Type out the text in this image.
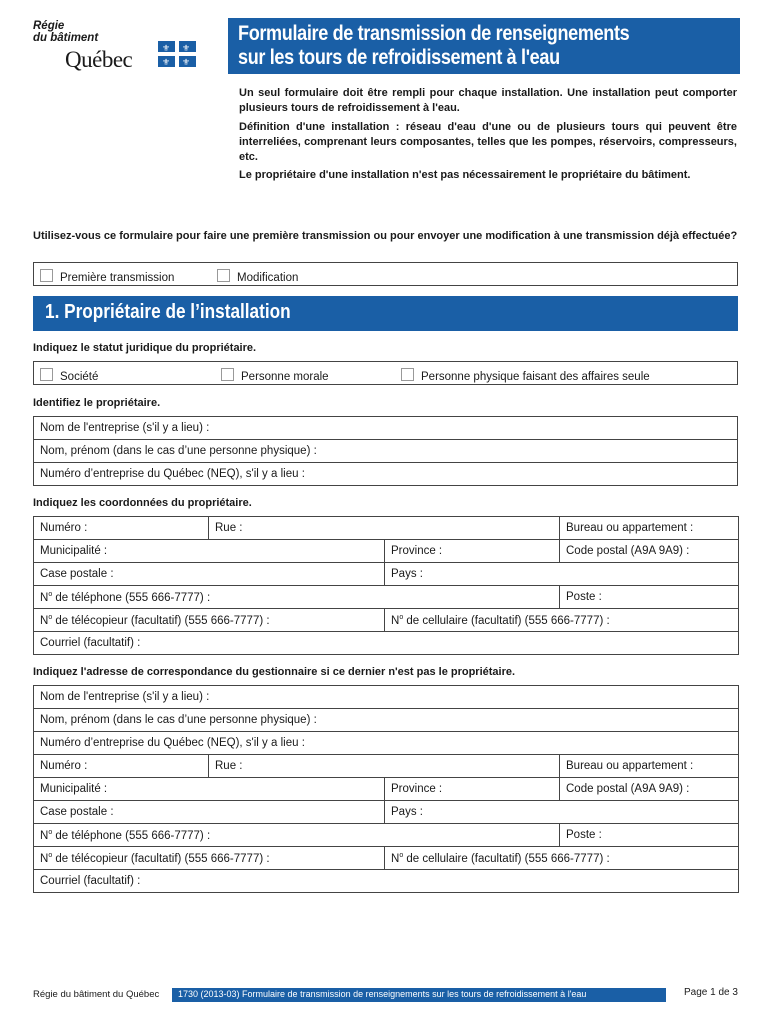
Régie
du bâtiment
Québec	⚜ ⚜
⚜ ⚜
Formulaire de transmission de renseignements
sur les tours de refroidissement à l'eau
Un seul formulaire doit être rempli pour chaque installation. Une installation peut comporter plusieurs tours de refroidissement à l'eau.
Définition d'une installation : réseau d'eau d'une ou de plusieurs tours qui peuvent être interreliées, comprenant leurs composantes, telles que les pompes, réservoirs, compresseurs, etc.
Le propriétaire d'une installation n'est pas nécessairement le propriétaire du bâtiment.
Utilisez-vous ce formulaire pour faire une première transmission ou pour envoyer une modification à une transmission déjà effectuée?
Première transmission	Modification
1. Propriétaire de l’installation
Indiquez le statut juridique du propriétaire.
Société	Personne morale	Personne physique faisant des affaires seule
Identifiez le propriétaire.
Nom de l'entreprise (s'il y a lieu) :
Nom, prénom (dans le cas d’une personne physique) :
Numéro d’entreprise du Québec (NEQ), s'il y a lieu :
Indiquez les coordonnées du propriétaire.
Numéro :	Rue :		Bureau ou appartement :
Municipalité :		Province :	Code postal (A9A 9A9) :
Case postale :		Pays :	
$N^o$ de téléphone (555 666-7777) :			Poste :
$N^o$ de télécopieur (facultatif) (555 666-7777) :		$N^o$ de cellulaire (facultatif) (555 666-7777) :	
Courriel (facultatif) :			
Indiquez l'adresse de correspondance du gestionnaire si ce dernier n'est pas le propriétaire.
Nom de l'entreprise (s'il y a lieu) :			
Nom, prénom (dans le cas d’une personne physique) :			
Numéro d’entreprise du Québec (NEQ), s'il y a lieu :			
Numéro :	Rue :		Bureau ou appartement :
Municipalité :		Province :	Code postal (A9A 9A9) :
Case postale :		Pays :	
$N^o$ de téléphone (555 666-7777) :			Poste :
$N^o$ de télécopieur (facultatif) (555 666-7777) :		$N^o$ de cellulaire (facultatif) (555 666-7777) :	
Courriel (facultatif) :			
Régie du bâtiment du Québec 1730 (2013-03) Formulaire de transmission de renseignements sur les tours de refroidissement à l'eau	Page 1 de 3
